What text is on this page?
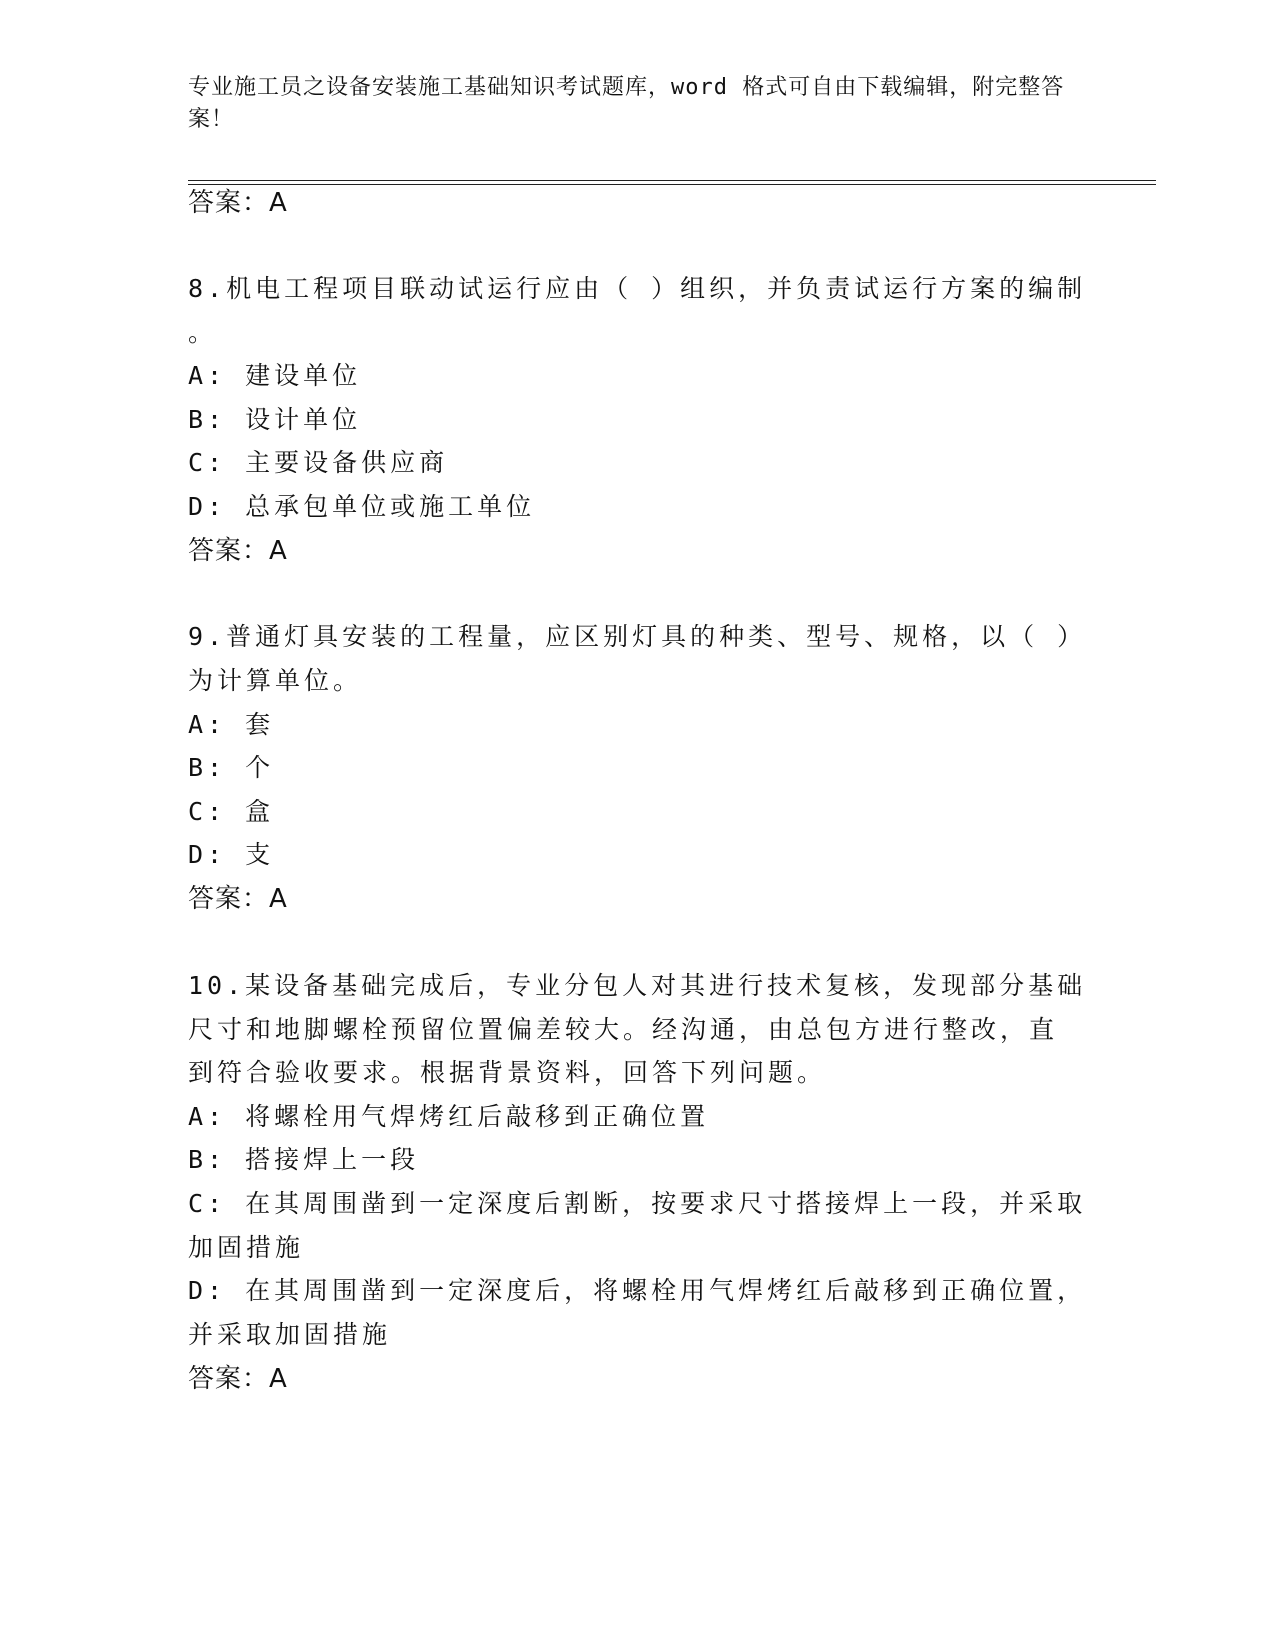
专业施工员之设备安装施工基础知识考试题库，word 格式可自由下载编辑，附完整答案！
答案：A
8.机电工程项目联动试运行应由（ ）组织，并负责试运行方案的编制
。
A: 建设单位
B: 设计单位
C: 主要设备供应商
D: 总承包单位或施工单位
答案：A
9.普通灯具安装的工程量，应区别灯具的种类、型号、规格，以（ ）
为计算单位。
A: 套
B: 个
C: 盒
D: 支
答案：A
10.某设备基础完成后，专业分包人对其进行技术复核，发现部分基础
尺寸和地脚螺栓预留位置偏差较大。经沟通，由总包方进行整改，直
到符合验收要求。根据背景资料，回答下列问题。
A: 将螺栓用气焊烤红后敲移到正确位置
B: 搭接焊上一段
C: 在其周围凿到一定深度后割断，按要求尺寸搭接焊上一段，并采取
加固措施
D: 在其周围凿到一定深度后，将螺栓用气焊烤红后敲移到正确位置，
并采取加固措施
答案：A
